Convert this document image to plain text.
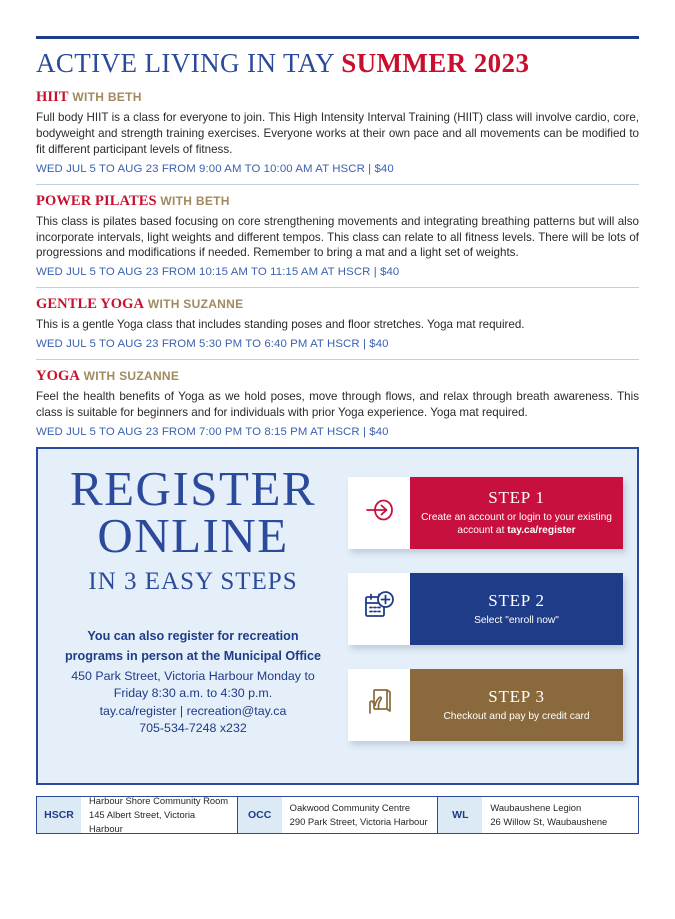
ACTIVE LIVING IN TAY SUMMER 2023
HIIT WITH BETH

Full body HIIT is a class for everyone to join. This High Intensity Interval Training (HIIT) class will involve cardio, core, bodyweight and strength training exercises. Everyone works at their own pace and all movements can be modified to fit different participant levels of fitness.

WED JUL 5 TO AUG 23 FROM 9:00 AM TO 10:00 AM AT HSCR | $40
POWER PILATES WITH BETH

This class is pilates based focusing on core strengthening movements and integrating breathing patterns but will also incorporate intervals, light weights and different tempos. This class can relate to all fitness levels. There will be lots of progressions and modifications if needed. Remember to bring a mat and a light set of weights.

WED JUL 5 TO AUG 23 FROM 10:15 AM TO 11:15 AM AT HSCR | $40
GENTLE YOGA WITH SUZANNE

This is a gentle Yoga class that includes standing poses and floor stretches. Yoga mat required.

WED JUL 5 TO AUG 23 FROM 5:30 PM TO 6:40 PM AT HSCR | $40
YOGA WITH SUZANNE

Feel the health benefits of Yoga as we hold poses, move through flows, and relax through breath awareness. This class is suitable for beginners and for individuals with prior Yoga experience. Yoga mat required.

WED JUL 5 TO AUG 23 FROM 7:00 PM TO 8:15 PM AT HSCR | $40
REGISTER
ONLINE
IN 3 EASY STEPS
You can also register for recreation
programs in person at the Municipal Office
450 Park Street, Victoria Harbour Monday to
Friday 8:30 a.m. to 4:30 p.m.
tay.ca/register | recreation@tay.ca
705-534-7248 x232
STEP 1
Create an account or login to your existing account at tay.ca/register
STEP 2
Select "enroll now"
STEP 3
Checkout and pay by credit card
HSCR
Harbour Shore Community Room
145 Albert Street, Victoria Harbour
OCC
Oakwood Community Centre
290 Park Street, Victoria Harbour
WL
Waubaushene Legion
26 Willow St, Waubaushene
